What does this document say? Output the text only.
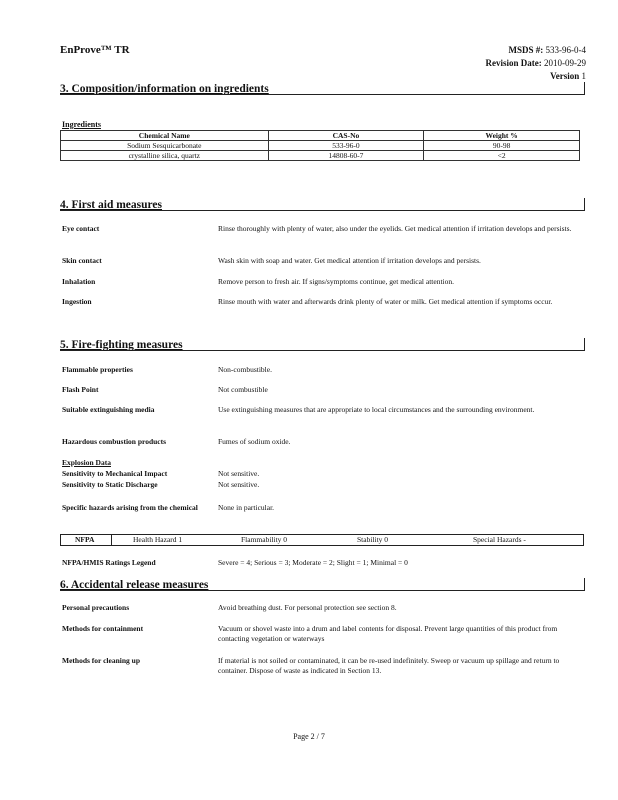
EnProve™ TR	MSDS #: 533-96-0-4
Revision Date: 2010-09-29
Version 1
3. Composition/information on ingredients
Ingredients
Chemical Name	CAS-No	Weight %
Sodium Sesquicarbonate	533-96-0	90-98
crystalline silica, quartz	14808-60-7	<2
4. First aid measures
Eye contact	Rinse thoroughly with plenty of water, also under the eyelids. Get medical attention if irritation develops and persists.
Skin contact	Wash skin with soap and water. Get medical attention if irritation develops and persists.
Inhalation	Remove person to fresh air. If signs/symptoms continue, get medical attention.
Ingestion	Rinse mouth with water and afterwards drink plenty of water or milk. Get medical attention if symptoms occur.
5. Fire-fighting measures
Flammable properties	Non-combustible.
Flash Point	Not combustible
Suitable extinguishing media	Use extinguishing measures that are appropriate to local circumstances and the surrounding environment.
Hazardous combustion products	Fumes of sodium oxide.
Explosion Data
Sensitivity to Mechanical Impact	Not sensitive.
Sensitivity to Static Discharge	Not sensitive.
Specific hazards arising from the chemical	None in particular.
NFPA	Health Hazard 1	Flammability 0	Stability 0	Special Hazards -
NFPA/HMIS Ratings Legend	Severe = 4; Serious = 3; Moderate = 2; Slight = 1; Minimal = 0
6. Accidental release measures
Personal precautions	Avoid breathing dust. For personal protection see section 8.
Methods for containment	Vacuum or shovel waste into a drum and label contents for disposal. Prevent large quantities of this product from contacting vegetation or waterways
Methods for cleaning up	If material is not soiled or contaminated, it can be re-used indefinitely. Sweep or vacuum up spillage and return to container. Dispose of waste as indicated in Section 13.
Page 2 / 7
